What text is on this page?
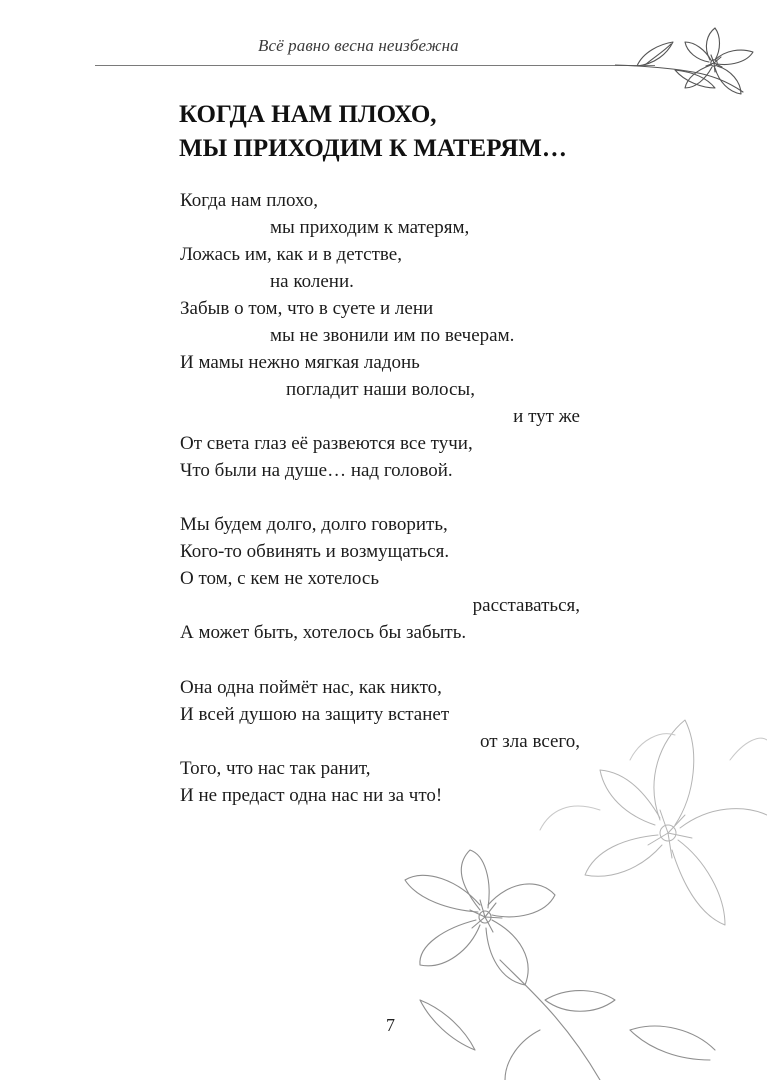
Всё равно весна неизбежна
КОГДА НАМ ПЛОХО,
МЫ ПРИХОДИМ К МАТЕРЯМ…
Когда нам плохо,
мы приходим к матерям,
Ложась им, как и в детстве,
на колени.
Забыв о том, что в суете и лени
мы не звонили им по вечерам.
И мамы нежно мягкая ладонь
погладит наши волосы,
и тут же
От света глаз её развеются все тучи,
Что были на душе… над головой.
Мы будем долго, долго говорить,
Кого-то обвинять и возмущаться.
О том, с кем не хотелось
расставаться,
А может быть, хотелось бы забыть.
Она одна поймёт нас, как никто,
И всей душою на защиту встанет
от зла всего,
Того, что нас так ранит,
И не предаст одна нас ни за что!
7
